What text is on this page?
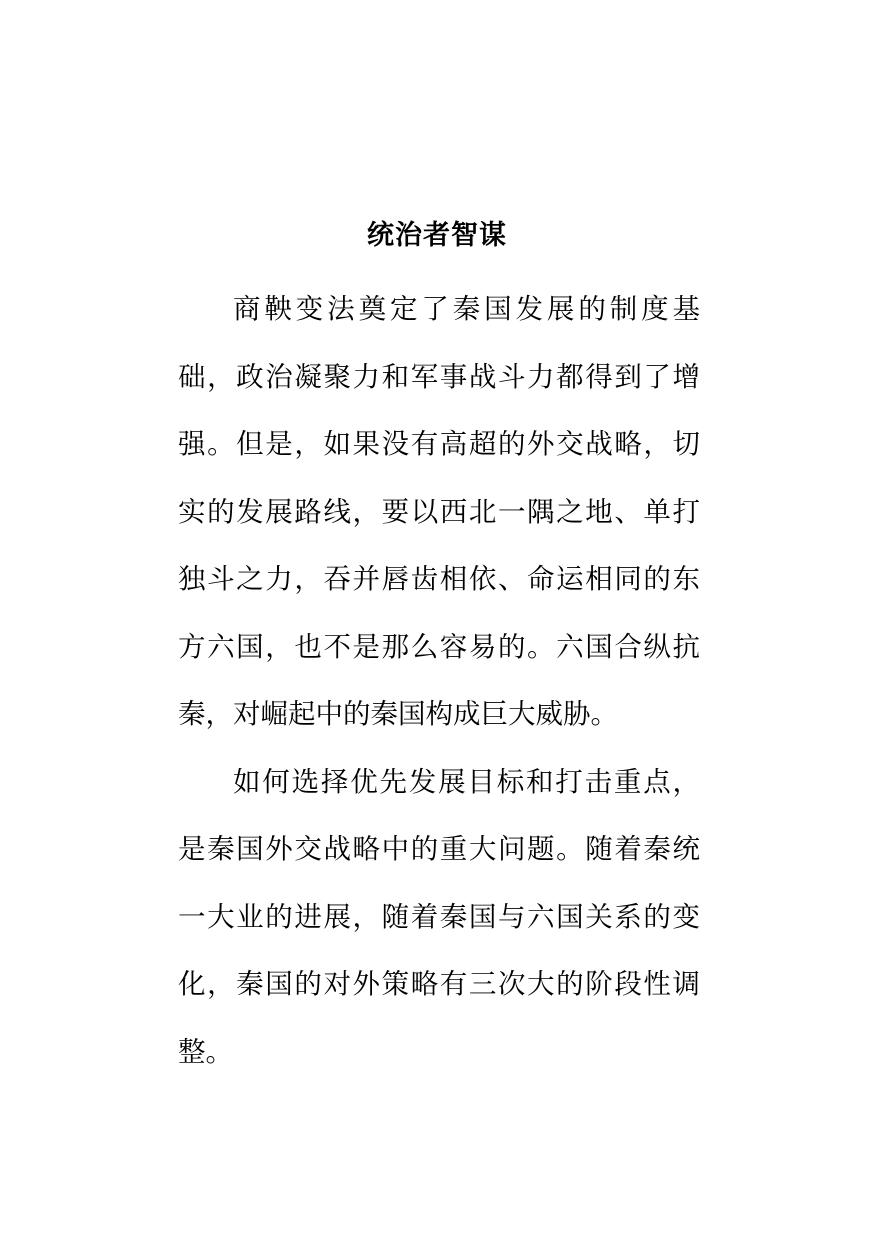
统治者智谋

商鞅变法奠定了秦国发展的制度基础，政治凝聚力和军事战斗力都得到了增强。但是，如果没有高超的外交战略，切实的发展路线，要以西北一隅之地、单打独斗之力，吞并唇齿相依、命运相同的东方六国，也不是那么容易的。六国合纵抗秦，对崛起中的秦国构成巨大威胁。

如何选择优先发展目标和打击重点，是秦国外交战略中的重大问题。随着秦统一大业的进展，随着秦国与六国关系的变化，秦国的对外策略有三次大的阶段性调整。
